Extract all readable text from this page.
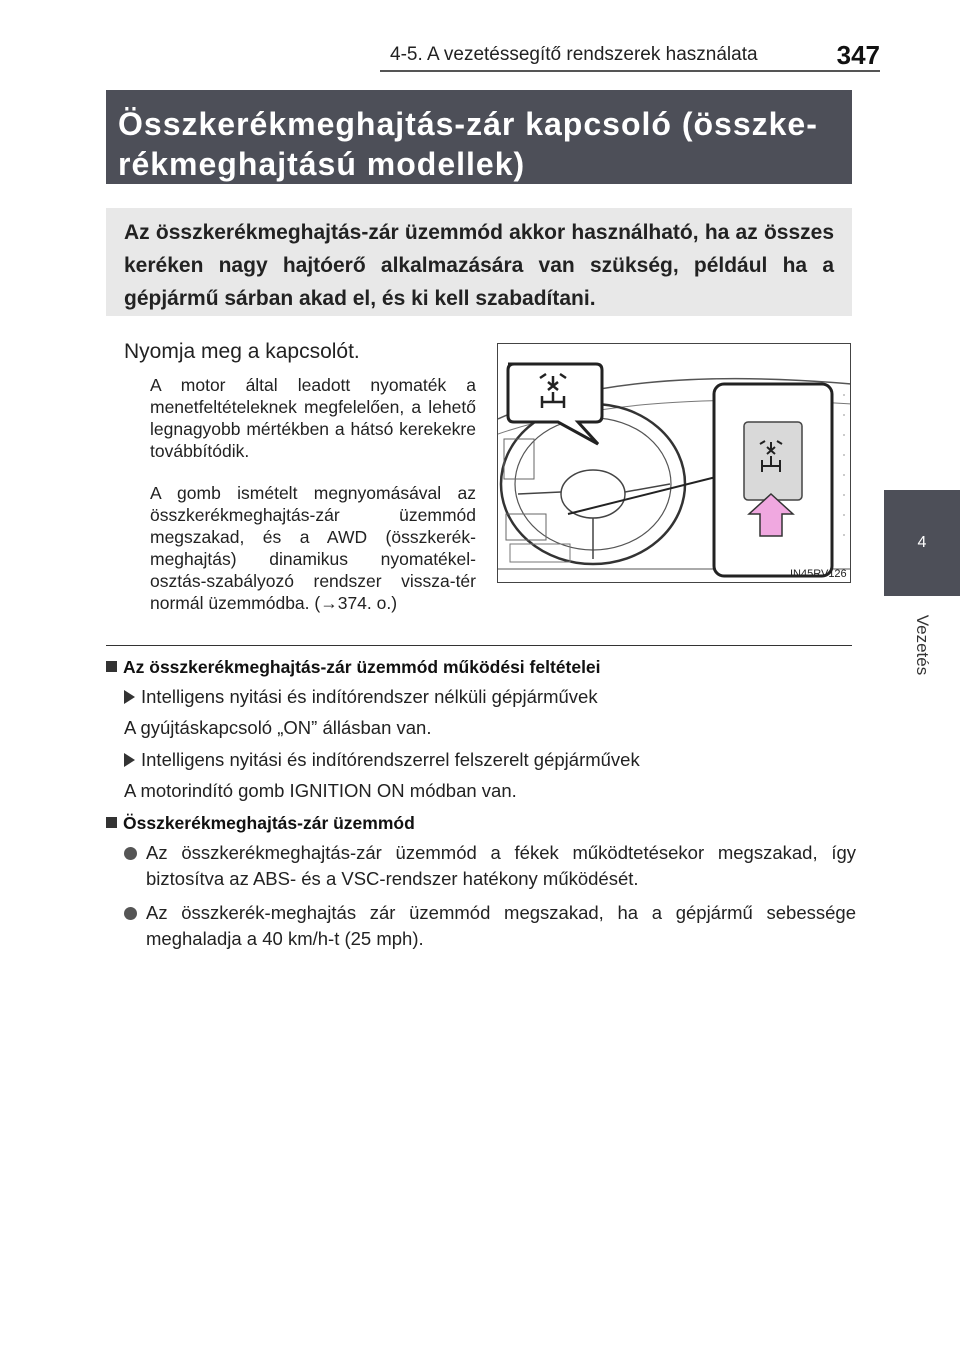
4-5. A vezetéssegítő rendszerek használata	347
4
Vezetés
Összkerékmeghajtás-zár kapcsoló (összke-
rékmeghajtású modellek)

Az összkerékmeghajtás-zár üzemmód akkor használható, ha az összes keréken nagy hajtóerő alkalmazására van szükség, például ha a gépjármű sárban akad el, és ki kell szabadítani.

Nyomja meg a kapcsolót.

A motor által leadott nyomaték a menetfeltételeknek megfelelően, a lehető legnagyobb mértékben a hátsó kerekekre továbbítódik.

A gomb ismételt megnyomásával az összkerékmeghajtás-zár üzemmód megszakad, és a AWD (összkerék-meghajtás) dinamikus nyomatékel-osztás-szabályozó rendszer vissza-tér normál üzemmódba. (→374. o.)

IN45RV126

Az összkerékmeghajtás-zár üzemmód működési feltételei

Intelligens nyitási és indítórendszer nélküli gépjárművek

A gyújtáskapcsoló „ON” állásban van.

Intelligens nyitási és indítórendszerrel felszerelt gépjárművek

A motorindító gomb IGNITION ON módban van.

Összkerékmeghajtás-zár üzemmód

Az összkerékmeghajtás-zár üzemmód a fékek működtetésekor megszakad, így biztosítva az ABS- és a VSC-rendszer hatékony működését.
Az összkerék-meghajtás zár üzemmód megszakad, ha a gépjármű sebessége meghaladja a 40 km/h-t (25 mph).
